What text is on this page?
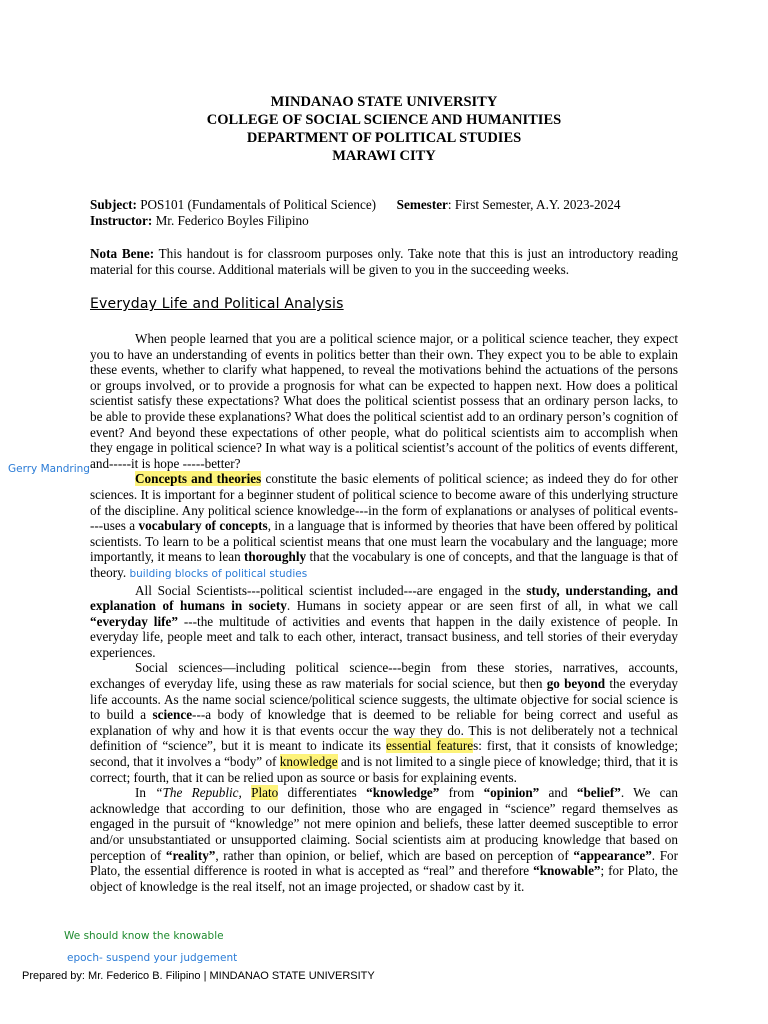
MINDANAO STATE UNIVERSITY
COLLEGE OF SOCIAL SCIENCE AND HUMANITIES
DEPARTMENT OF POLITICAL STUDIES
MARAWI CITY
Subject: POS101 (Fundamentals of Political Science) Semester: First Semester, A.Y. 2023-2024
Instructor: Mr. Federico Boyles Filipino
Nota Bene: This handout is for classroom purposes only. Take note that this is just an introductory reading material for this course. Additional materials will be given to you in the succeeding weeks.
Everyday Life and Political Analysis

When people learned that you are a political science major, or a political science teacher, they expect you to have an understanding of events in politics better than their own. They expect you to be able to explain these events, whether to clarify what happened, to reveal the motivations behind the actuations of the persons or groups involved, or to provide a prognosis for what can be expected to happen next. How does a political scientist satisfy these expectations? What does the political scientist possess that an ordinary person lacks, to be able to provide these explanations? What does the political scientist add to an ordinary person’s cognition of event? And beyond these expectations of other people, what do political scientists aim to accomplish when they engage in political science? In what way is a political scientist’s account of the politics of events different, and-----it is hope -----better?

Concepts and theories constitute the basic elements of political science; as indeed they do for other sciences. It is important for a beginner student of political science to become aware of this underlying structure of the discipline. Any political science knowledge---in the form of explanations or analyses of political events----uses a vocabulary of concepts, in a language that is informed by theories that have been offered by political scientists. To learn to be a political scientist means that one must learn the vocabulary and the language; more importantly, it means to lean thoroughly that the vocabulary is one of concepts, and that the language is that of theory. building blocks of political studies

All Social Scientists---political scientist included---are engaged in the study, understanding, and explanation of humans in society. Humans in society appear or are seen first of all, in what we call “everyday life” ---the multitude of activities and events that happen in the daily existence of people. In everyday life, people meet and talk to each other, interact, transact business, and tell stories of their everyday experiences.

Social sciences—including political science---begin from these stories, narratives, accounts, exchanges of everyday life, using these as raw materials for social science, but then go beyond the everyday life accounts. As the name social science/political science suggests, the ultimate objective for social science is to build a science---a body of knowledge that is deemed to be reliable for being correct and useful as explanation of why and how it is that events occur the way they do. This is not deliberately not a technical definition of “science”, but it is meant to indicate its essential features: first, that it consists of knowledge; second, that it involves a “body” of knowledge and is not limited to a single piece of knowledge; third, that it is correct; fourth, that it can be relied upon as source or basis for explaining events.

In “The Republic, Plato differentiates “knowledge” from “opinion” and “belief”. We can acknowledge that according to our definition, those who are engaged in “science” regard themselves as engaged in the pursuit of “knowledge” not mere opinion and beliefs, these latter deemed susceptible to error and/or unsubstantiated or unsupported claiming. Social scientists aim at producing knowledge that based on perception of “reality”, rather than opinion, or belief, which are based on perception of “appearance”. For Plato, the essential difference is rooted in what is accepted as “real” and therefore “knowable”; for Plato, the object of knowledge is the real itself, not an image projected, or shadow cast by it.

Gerry Mandring
We should know the knowable
epoch- suspend your judgement
Prepared by: Mr. Federico B. Filipino | MINDANAO STATE UNIVERSITY
